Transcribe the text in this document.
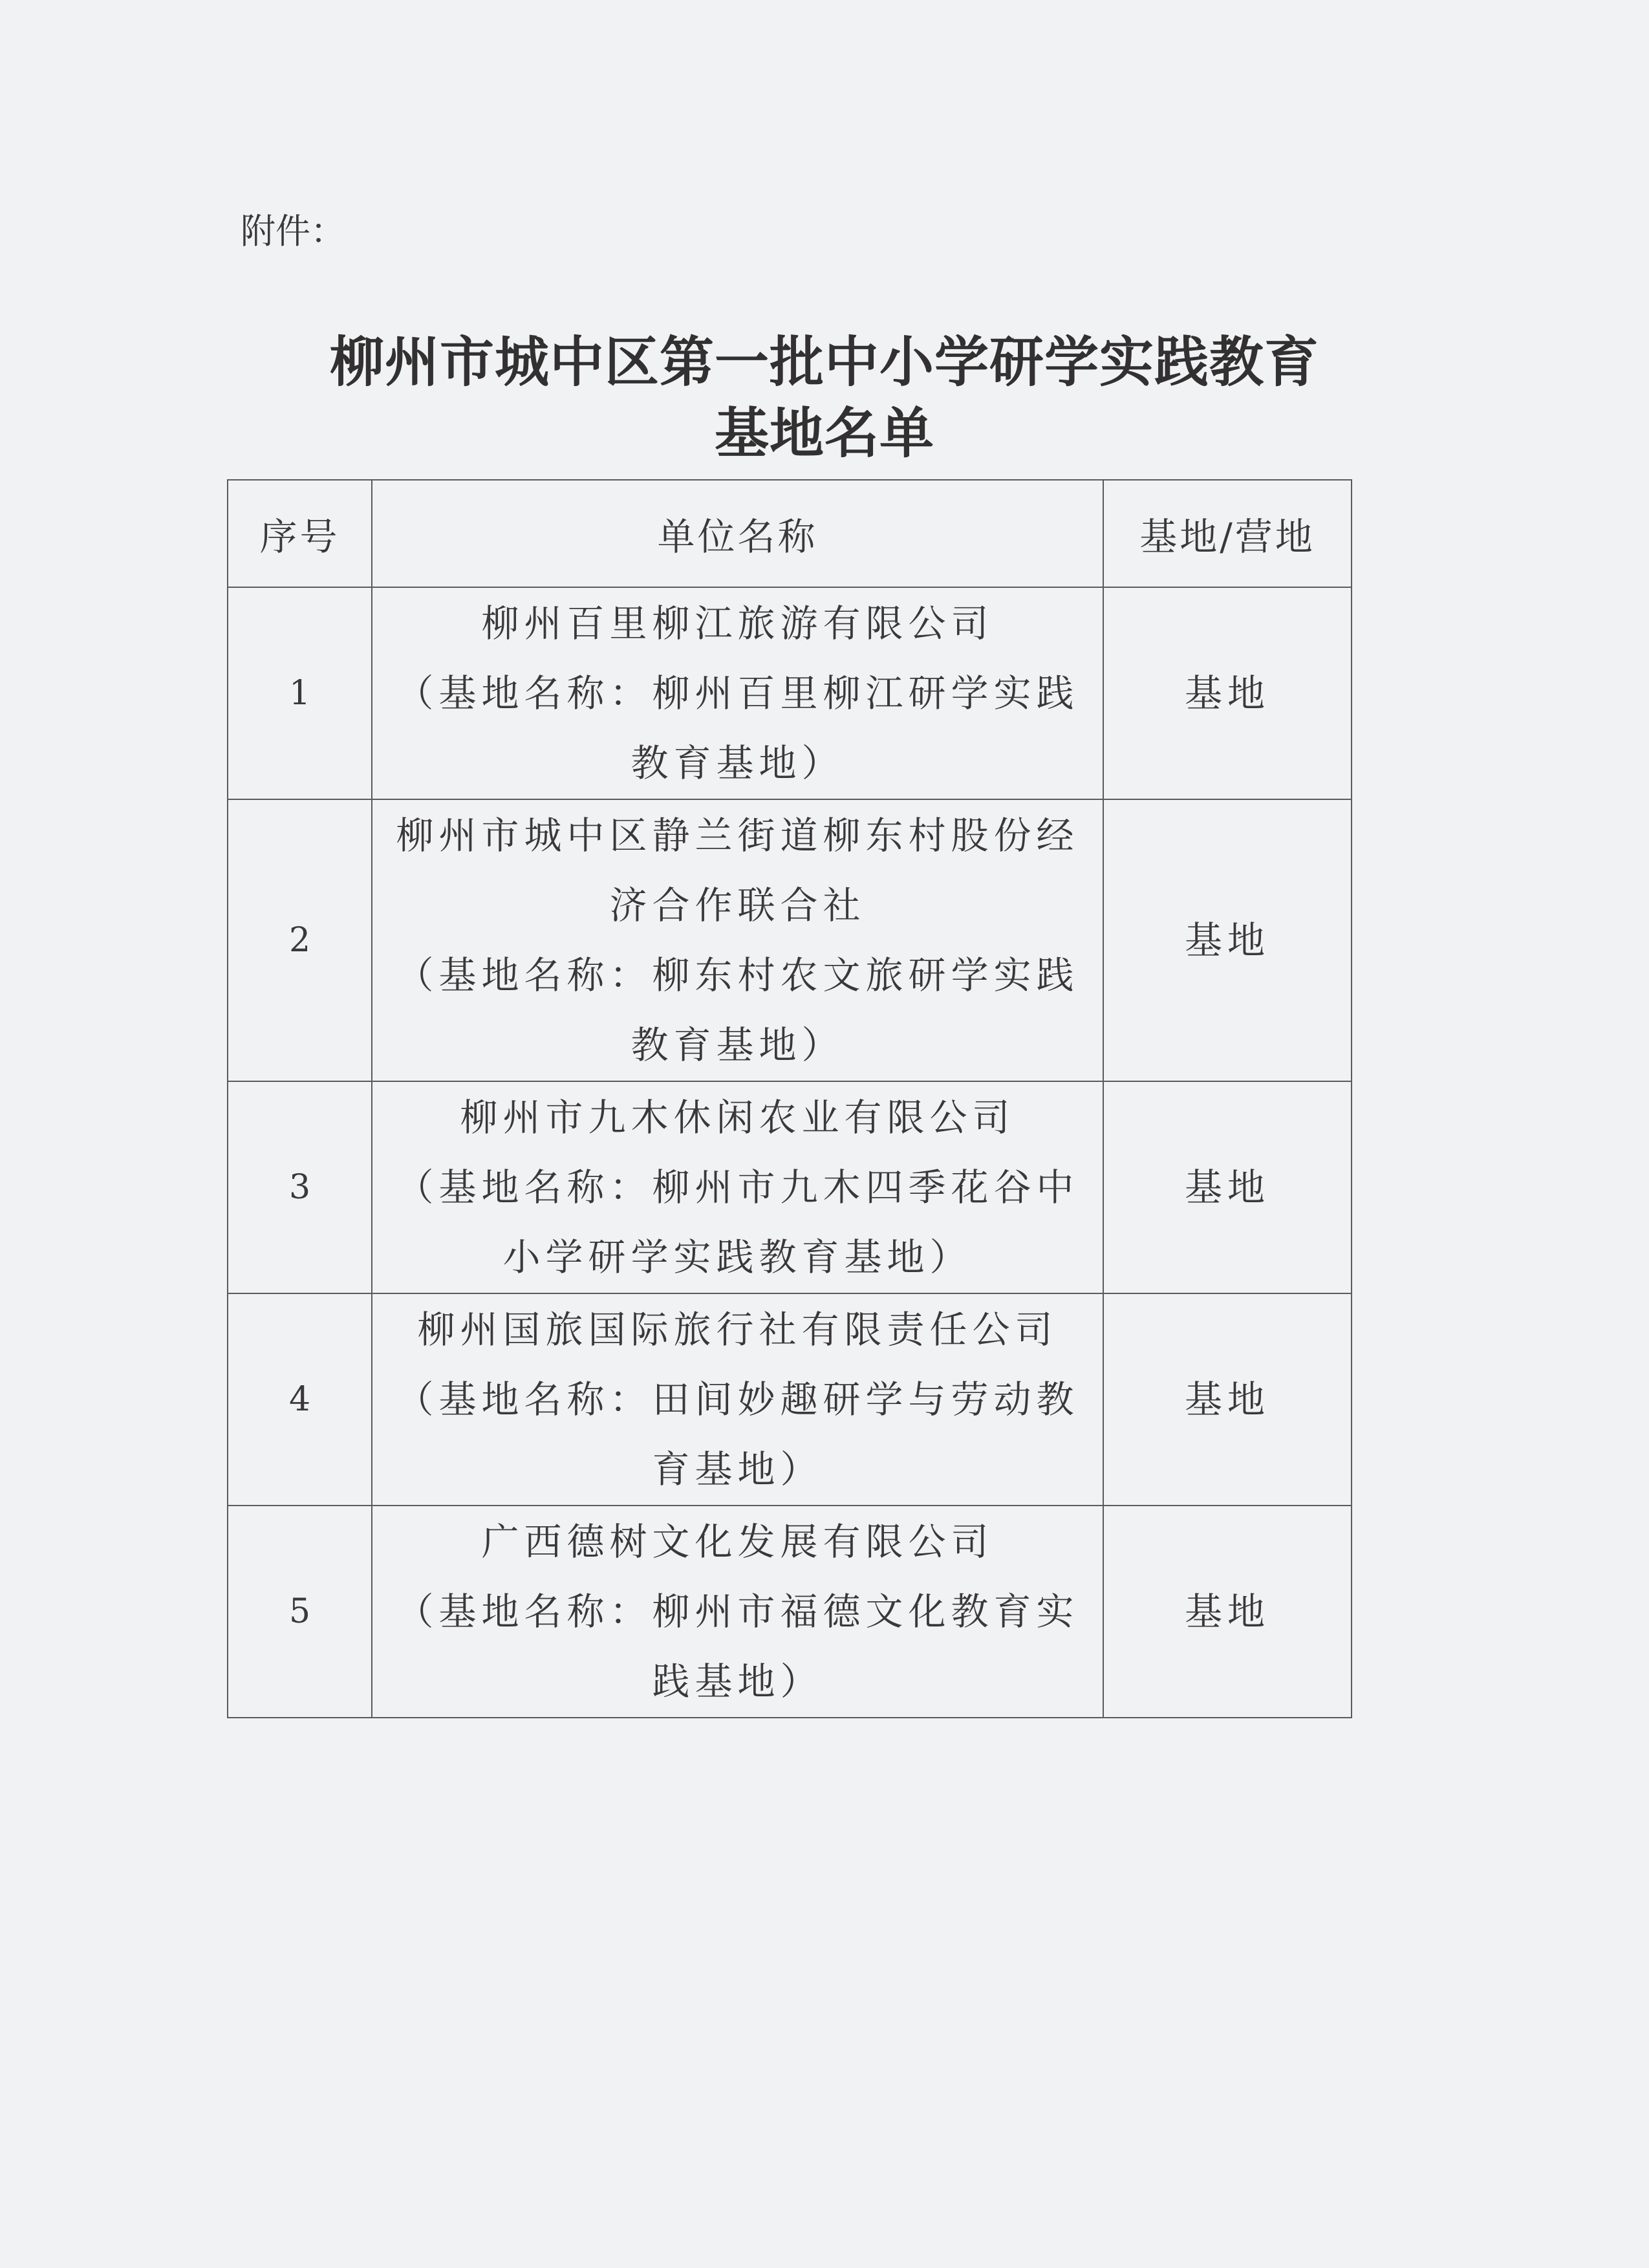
附件：
柳州市城中区第一批中小学研学实践教育
基地名单
序号	单位名称	基地/营地
1	柳州百里柳江旅游有限公司
（基地名称：柳州百里柳江研学实践
教育基地）	基地
2	柳州市城中区静兰街道柳东村股份经
济合作联合社
（基地名称：柳东村农文旅研学实践
教育基地）	基地
3	柳州市九木休闲农业有限公司
（基地名称：柳州市九木四季花谷中
小学研学实践教育基地）	基地
4	柳州国旅国际旅行社有限责任公司
（基地名称：田间妙趣研学与劳动教
育基地）	基地
5	广西德树文化发展有限公司
（基地名称：柳州市福德文化教育实
践基地）	基地
